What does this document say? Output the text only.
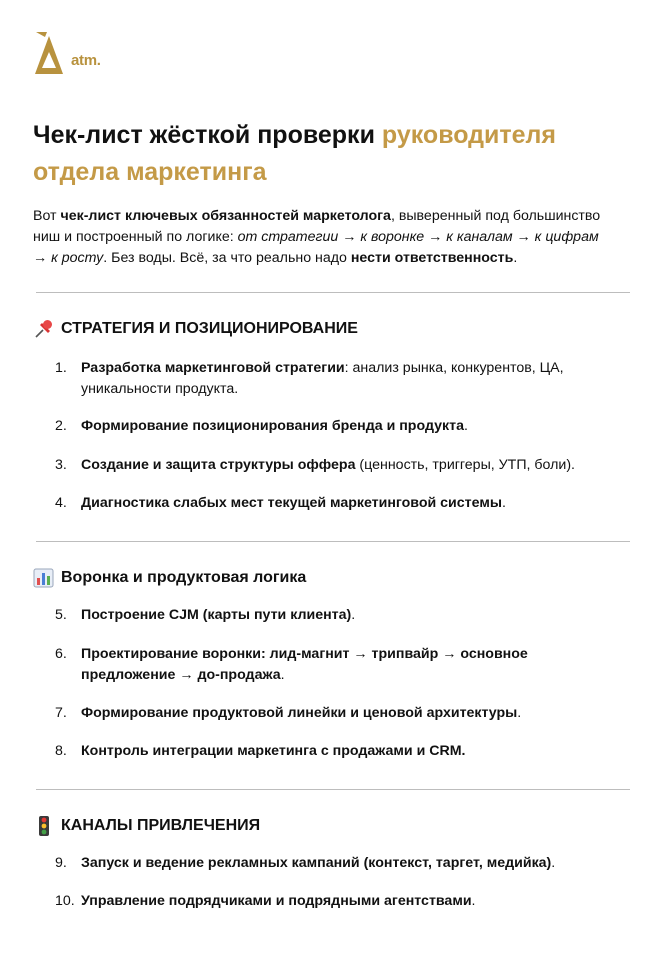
atm.
Чек-лист жёсткой проверки руководителя
отдела маркетинга

Вот чек-лист ключевых обязанностей маркетолога, выверенный под большинство
ниш и построенный по логике: от стратегии → к воронке → к каналам → к цифрам
→ к росту. Без воды. Всё, за что реально надо нести ответственность.

СТРАТЕГИЯ И ПОЗИЦИОНИРОВАНИЕ

1. Разработка маркетинговой стратегии: анализ рынка, конкурентов, ЦА,
уникальности продукта.

2. Формирование позиционирования бренда и продукта.

3. Создание и защита структуры оффера (ценность, триггеры, УТП, боли).

4. Диагностика слабых мест текущей маркетинговой системы.

Воронка и продуктовая логика

5. Построение CJM (карты пути клиента).

6. Проектирование воронки: лид-магнит → трипвайр → основное
предложение → до-продажа.

7. Формирование продуктовой линейки и ценовой архитектуры.

8. Контроль интеграции маркетинга с продажами и CRM.

КАНАЛЫ ПРИВЛЕЧЕНИЯ

9. Запуск и ведение рекламных кампаний (контекст, таргет, медийка).

10. Управление подрядчиками и подрядными агентствами.
